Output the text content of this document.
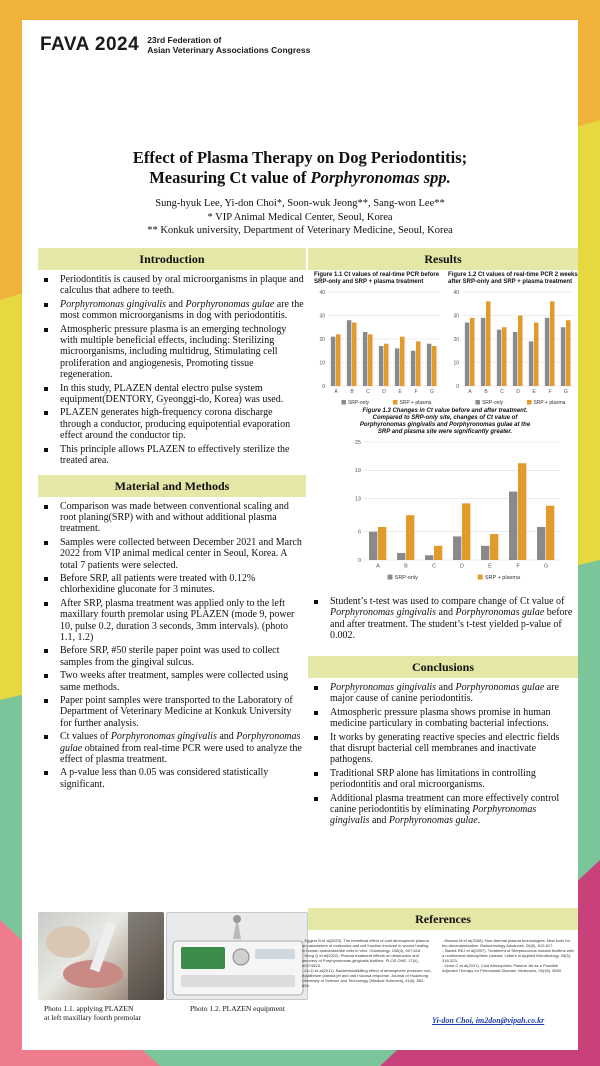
FAVA 2024 23rd Federation of
Asian Veterinary Associations Congress
Effect of Plasma Therapy on Dog Periodontitis;
Measuring Ct value of Porphyronomas spp.
Sung-hyuk Lee, Yi-don Choi*, Soon-wuk Jeong**, Sang-won Lee**
* VIP Animal Medical Center, Seoul, Korea
** Konkuk university, Department of Veterinary Medicine, Seoul, Korea
Introduction
Periodontitis is caused by oral microorganisms in plaque and calculus that adhere to teeth.
Porphyromonas gingivalis and Porphyronomas gulae are the most common microorganisms in dog with periodontitis.
Atmospheric pressure plasma is an emerging technology with multiple beneficial effects, including: Sterilizing microorganisms, including multidrug, Stimulating cell proliferation and angiogenesis, Promoting tissue regeneration.
In this study, PLAZEN dental electro pulse system equipment(DENTORY, Gyeonggi-do, Korea) was used.
PLAZEN generates high-frequency corona discharge through a conductor, producing equipotential evaporation effect around the conductor tip.
This principle allows PLAZEN to effectively sterilize the treated area.
Material and Methods
Comparison was made between conventional scaling and root planing(SRP) with and without additional plasma treatment.
Samples were collected between December 2021 and March 2022 from VIP animal medical center in Seoul, Korea. A total 7 patients were selected.
Before SRP, all patients were treated with 0.12% chlorhexidine gluconate for 3 minutes.
After SRP, plasma treatment was applied only to the left maxillary fourth premolar using PLAZEN (mode 9, power 10, pulse 0.2, duration 3 seconds, 3mm intervals). (photo 1.1, 1.2)
Before SRP, #50 sterile paper point was used to collect samples from the gingival sulcus.
Two weeks after treatment, samples were collected using same methods.
Paper point samples were transported to the Laboratory of Department of Veterinary Medicine at Konkuk University for further analysis.
Ct values of Porphyronomas gingivalis and Porphyronomas gulae obtained from real-time PCR were used to analyze the effect of plasma treatment.
A p-value less than 0.05 was considered statistically significant.
Photo 1.1. applying PLAZEN
at left maxillary fourth premolar
Photo 1.2. PLAZEN equipment
Results
Figure 1.1 Ct values of real-time PCR before SRP-only and SRP + plasma treatment
0
10
20
30
40
A	B	C D	E	F	G
SRP-only	SRP + plasma
Figure 1.2 Ct values of real-time PCR 2 weeks after SRP-only and SRP + plasma treatment
0
10
20
30
40
A	B	C D	E	F	G
SRP-only	SRP + plasma
Figure 1.3 Changes in Ct value before and after treatment. Compared to SRP-only site, changes of Ct value of Porphyronomas gingivalis and Porphyronomas gulae at the SRP and plasma site were significantly greater.
0
6
13
19
25
A	B	C	D	E	F	G
SRP-only	SRP + plasma
Student’s t-test was used to compare change of Ct value of Porphyronomas gingivalis and Porphyronomas gulae before and after treatment. The student’s t-test yielded p-value of 0.002.
Conclusions
Porphyronomas gingivalis and Porphyronomas gulae are major cause of canine periodontitis.
Atmospheric pressure plasma shows promise in human medicine particulary in combating bacterial infections.
It works by generating reactive species and electric fields that disrupt bacterial cell membranes and inactivate pathogens.
Traditional SRP alone has limitations in controlling periodontitis and oral microorganisms.
Additional plasma treatment can more effectively control canine periodontitis by eliminating Porphyronomas gingivalis and Porphyronomas gulae.
References
- Eggers B et al(2020). The beneficial effect of cold atmospheric plasma on parameters of molecules and cell function involved in wound healing in human osteoblast-like cells in vitro. Odontology, 108(4), 607-616.
- Hong Q et al(2022). Plasma treatment effects on destruction and recovery of Porphyromonas gingivalis biofilms. PLOS ONE, 17(4), e0274523.
- Liu D et al(2011). Bactericidal/killing effect of atmospheric pressure non-equilibrium plasma jet and oral mucosa response. Journal of Huazhong University of Science and Technology [Medical Sciences], 31(6), 852-856.
- Moreau M et al(2008). Non-thermal plasma technologies: New tools for bio-decontamination. Biotechnology Advances, 26(6), 610-617.
- Sladek REJ et al(2007). Treatment of Streptococcus mutans biofilms with a nonthermal atmospheric plasma. Letters in Applied Microbiology, 45(3), 318-323.
- Linne G et al(2021). Cold Atmospheric Plasma Jet as a Possible Adjuvant Therapy for Periodontal Disease. Molecules, 26(18), 5590.
Yi-don Choi, im2don@vipah.co.kr
